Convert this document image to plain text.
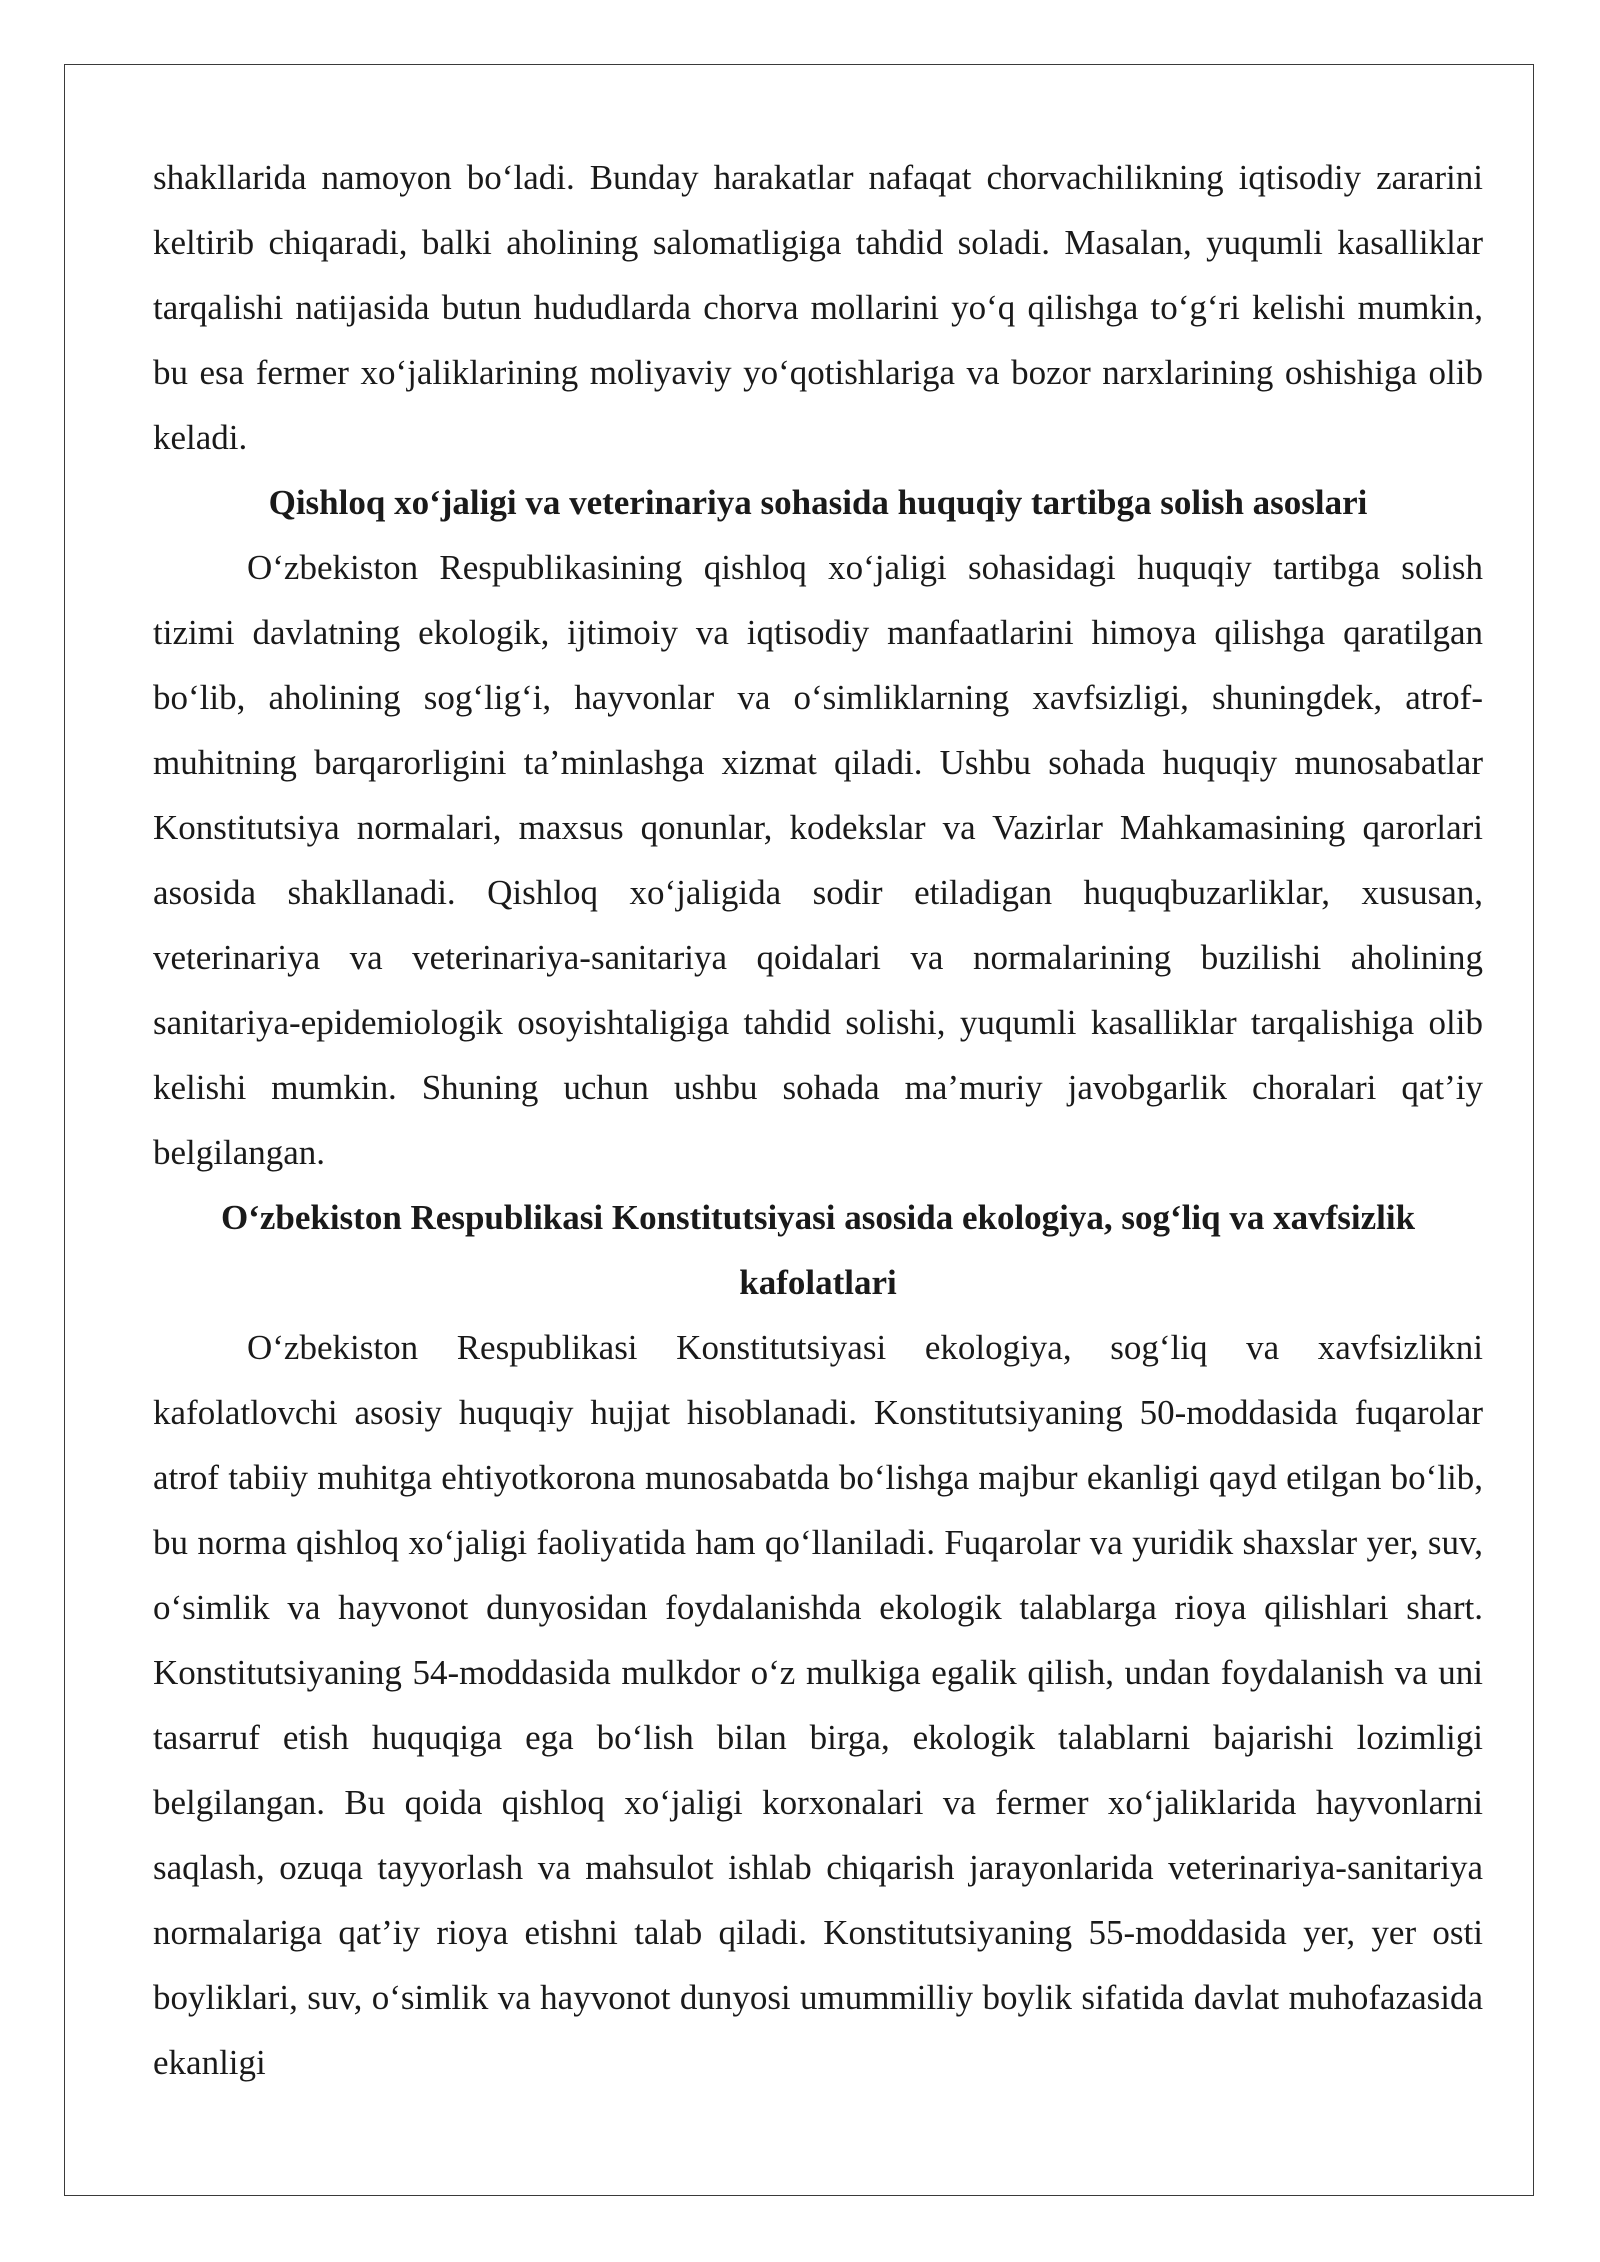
shakllarida namoyon bo‘ladi. Bunday harakatlar nafaqat chorvachilikning iqtisodiy zararini keltirib chiqaradi, balki aholining salomatligiga tahdid soladi. Masalan, yuqumli kasalliklar tarqalishi natijasida butun hududlarda chorva mollarini yo‘q qilishga to‘g‘ri kelishi mumkin, bu esa fermer xo‘jaliklarining moliyaviy yo‘qotishlariga va bozor narxlarining oshishiga olib keladi.

Qishloq xo‘jaligi va veterinariya sohasida huquqiy tartibga solish asoslari

O‘zbekiston Respublikasining qishloq xo‘jaligi sohasidagi huquqiy tartibga solish tizimi davlatning ekologik, ijtimoiy va iqtisodiy manfaatlarini himoya qilishga qaratilgan bo‘lib, aholining sog‘lig‘i, hayvonlar va o‘simliklarning xavfsizligi, shuningdek, atrof-muhitning barqarorligini ta’minlashga xizmat qiladi. Ushbu sohada huquqiy munosabatlar Konstitutsiya normalari, maxsus qonunlar, kodekslar va Vazirlar Mahkamasining qarorlari asosida shakllanadi. Qishloq xo‘jaligida sodir etiladigan huquqbuzarliklar, xususan, veterinariya va veterinariya-sanitariya qoidalari va normalarining buzilishi aholining sanitariya-epidemiologik osoyishtaligiga tahdid solishi, yuqumli kasalliklar tarqalishiga olib kelishi mumkin. Shuning uchun ushbu sohada ma’muriy javobgarlik choralari qat’iy belgilangan.

O‘zbekiston Respublikasi Konstitutsiyasi asosida ekologiya, sog‘liq va xavfsizlik kafolatlari

O‘zbekiston Respublikasi Konstitutsiyasi ekologiya, sog‘liq va xavfsizlikni kafolatlovchi asosiy huquqiy hujjat hisoblanadi. Konstitutsiyaning 50-moddasida fuqarolar atrof tabiiy muhitga ehtiyotkorona munosabatda bo‘lishga majbur ekanligi qayd etilgan bo‘lib, bu norma qishloq xo‘jaligi faoliyatida ham qo‘llaniladi. Fuqarolar va yuridik shaxslar yer, suv, o‘simlik va hayvonot dunyosidan foydalanishda ekologik talablarga rioya qilishlari shart. Konstitutsiyaning 54-moddasida mulkdor o‘z mulkiga egalik qilish, undan foydalanish va uni tasarruf etish huquqiga ega bo‘lish bilan birga, ekologik talablarni bajarishi lozimligi belgilangan. Bu qoida qishloq xo‘jaligi korxonalari va fermer xo‘jaliklarida hayvonlarni saqlash, ozuqa tayyorlash va mahsulot ishlab chiqarish jarayonlarida veterinariya-sanitariya normalariga qat’iy rioya etishni talab qiladi. Konstitutsiyaning 55-moddasida yer, yer osti boyliklari, suv, o‘simlik va hayvonot dunyosi umummilliy boylik sifatida davlat muhofazasida ekanligi
